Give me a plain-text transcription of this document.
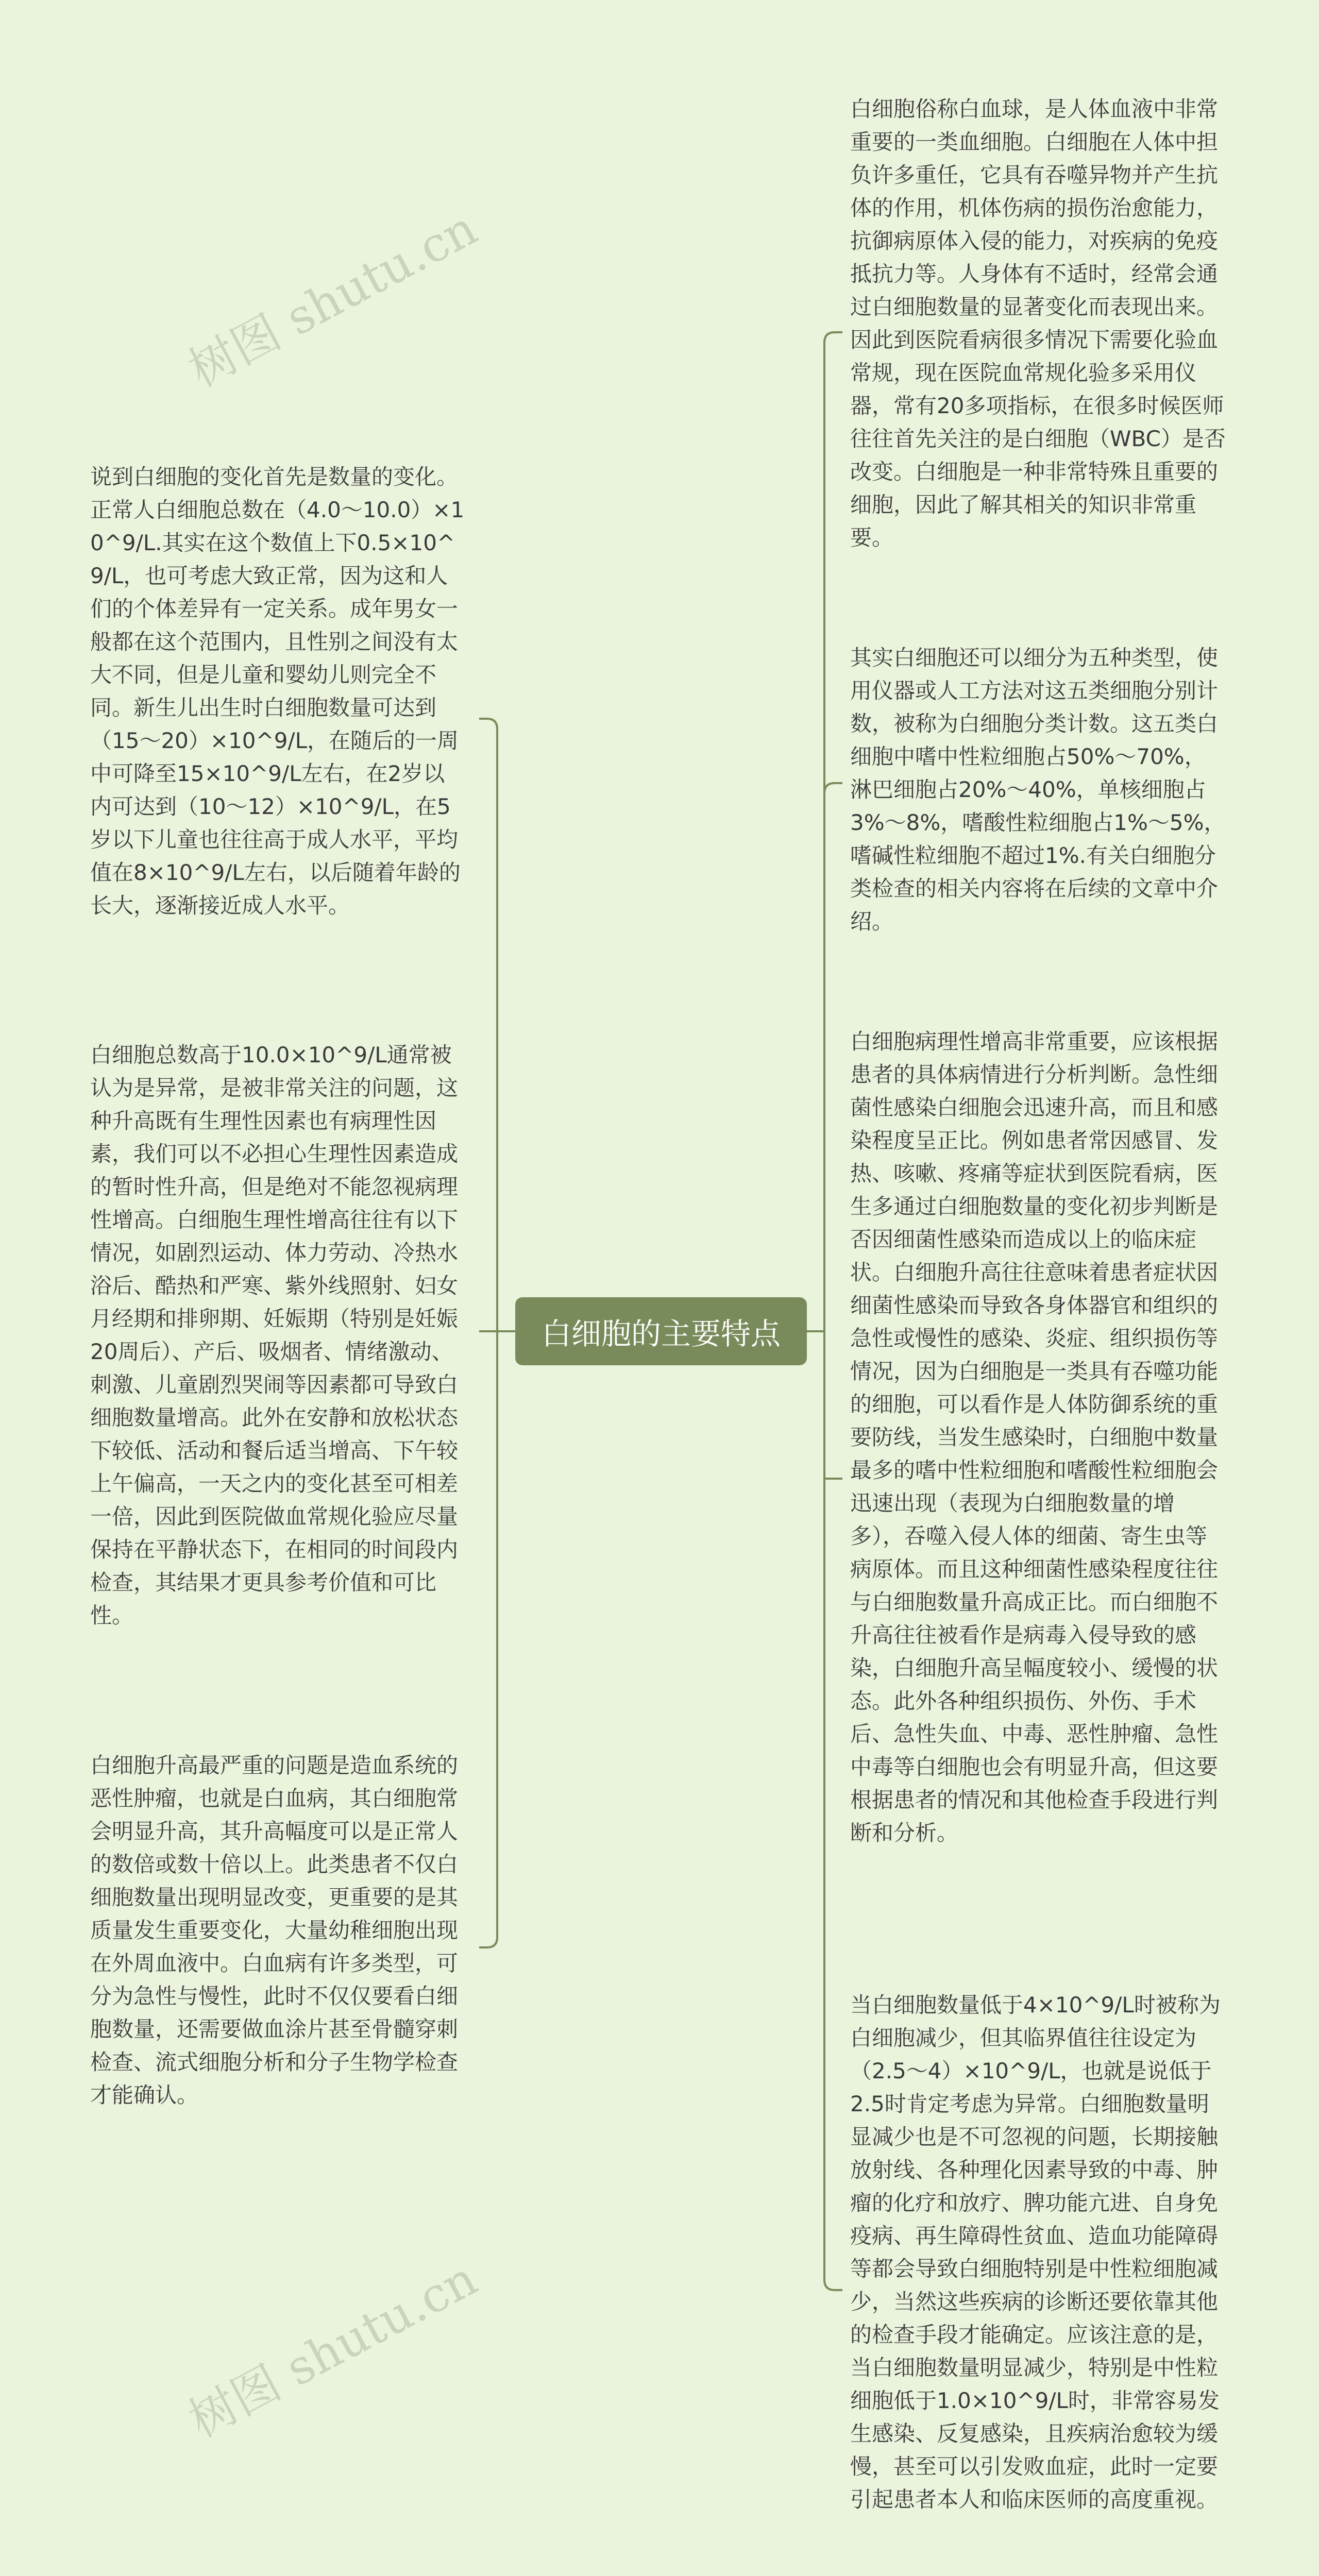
树图 shutu.cn
树图 shutu.cn

说到白细胞的变化首先是数量的变化。正常人白细胞总数在（4.0～10.0）×10^9/L.其实在这个数值上下0.5×10^9/L，也可考虑大致正常，因为这和人们的个体差异有一定关系。成年男女一般都在这个范围内，且性别之间没有太大不同，但是儿童和婴幼儿则完全不同。新生儿出生时白细胞数量可达到（15～20）×10^9/L，在随后的一周中可降至15×10^9/L左右，在2岁以内可达到（10～12）×10^9/L，在5岁以下儿童也往往高于成人水平，平均值在8×10^9/L左右，以后随着年龄的长大，逐渐接近成人水平。

白细胞总数高于10.0×10^9/L通常被认为是异常，是被非常关注的问题，这种升高既有生理性因素也有病理性因素，我们可以不必担心生理性因素造成的暂时性升高，但是绝对不能忽视病理性增高。白细胞生理性增高往往有以下情况，如剧烈运动、体力劳动、冷热水浴后、酷热和严寒、紫外线照射、妇女月经期和排卵期、妊娠期（特别是妊娠20周后）、产后、吸烟者、情绪激动、刺激、儿童剧烈哭闹等因素都可导致白细胞数量增高。此外在安静和放松状态下较低、活动和餐后适当增高、下午较上午偏高，一天之内的变化甚至可相差一倍，因此到医院做血常规化验应尽量保持在平静状态下，在相同的时间段内检查，其结果才更具参考价值和可比性。

白细胞升高最严重的问题是造血系统的恶性肿瘤，也就是白血病，其白细胞常会明显升高，其升高幅度可以是正常人的数倍或数十倍以上。此类患者不仅白细胞数量出现明显改变，更重要的是其质量发生重要变化，大量幼稚细胞出现在外周血液中。白血病有许多类型，可分为急性与慢性，此时不仅仅要看白细胞数量，还需要做血涂片甚至骨髓穿刺检查、流式细胞分析和分子生物学检查才能确认。

白细胞的主要特点

白细胞俗称白血球，是人体血液中非常重要的一类血细胞。白细胞在人体中担负许多重任，它具有吞噬异物并产生抗体的作用，机体伤病的损伤治愈能力，抗御病原体入侵的能力，对疾病的免疫抵抗力等。人身体有不适时，经常会通过白细胞数量的显著变化而表现出来。因此到医院看病很多情况下需要化验血常规，现在医院血常规化验多采用仪器，常有20多项指标，在很多时候医师往往首先关注的是白细胞（WBC）是否改变。白细胞是一种非常特殊且重要的细胞，因此了解其相关的知识非常重要。

其实白细胞还可以细分为五种类型，使用仪器或人工方法对这五类细胞分别计数，被称为白细胞分类计数。这五类白细胞中嗜中性粒细胞占50%～70%，淋巴细胞占20%～40%，单核细胞占3%～8%，嗜酸性粒细胞占1%～5%，嗜碱性粒细胞不超过1%.有关白细胞分类检查的相关内容将在后续的文章中介绍。

白细胞病理性增高非常重要，应该根据患者的具体病情进行分析判断。急性细菌性感染白细胞会迅速升高，而且和感染程度呈正比。例如患者常因感冒、发热、咳嗽、疼痛等症状到医院看病，医生多通过白细胞数量的变化初步判断是否因细菌性感染而造成以上的临床症状。白细胞升高往往意味着患者症状因细菌性感染而导致各身体器官和组织的急性或慢性的感染、炎症、组织损伤等情况，因为白细胞是一类具有吞噬功能的细胞，可以看作是人体防御系统的重要防线，当发生感染时，白细胞中数量最多的嗜中性粒细胞和嗜酸性粒细胞会迅速出现（表现为白细胞数量的增多），吞噬入侵人体的细菌、寄生虫等病原体。而且这种细菌性感染程度往往与白细胞数量升高成正比。而白细胞不升高往往被看作是病毒入侵导致的感染，白细胞升高呈幅度较小、缓慢的状态。此外各种组织损伤、外伤、手术后、急性失血、中毒、恶性肿瘤、急性中毒等白细胞也会有明显升高，但这要根据患者的情况和其他检查手段进行判断和分析。

当白细胞数量低于4×10^9/L时被称为白细胞减少，但其临界值往往设定为（2.5～4）×10^9/L，也就是说低于2.5时肯定考虑为异常。白细胞数量明显减少也是不可忽视的问题，长期接触放射线、各种理化因素导致的中毒、肿瘤的化疗和放疗、脾功能亢进、自身免疫病、再生障碍性贫血、造血功能障碍等都会导致白细胞特别是中性粒细胞减少，当然这些疾病的诊断还要依靠其他的检查手段才能确定。应该注意的是，当白细胞数量明显减少，特别是中性粒细胞低于1.0×10^9/L时，非常容易发生感染、反复感染，且疾病治愈较为缓慢，甚至可以引发败血症，此时一定要引起患者本人和临床医师的高度重视。
